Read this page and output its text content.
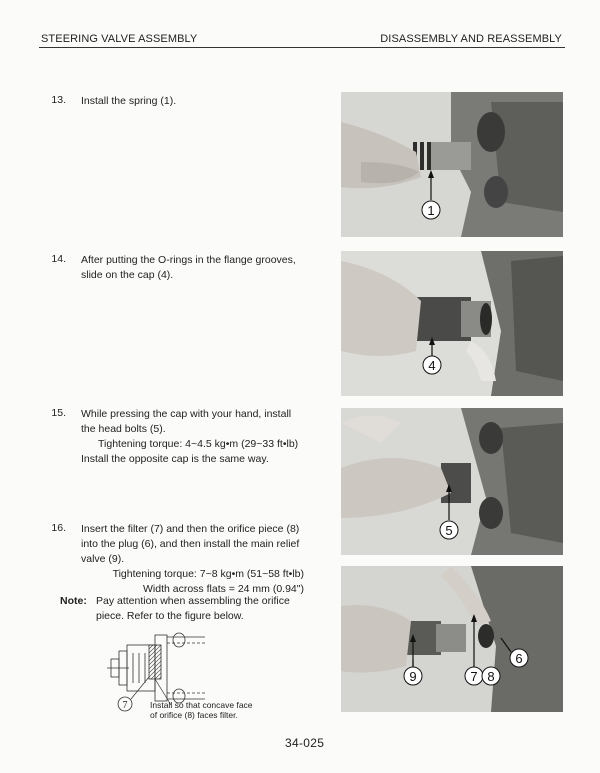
STEERING VALVE ASSEMBLY	DISASSEMBLY AND REASSEMBLY
13. Install the spring (1).
14. After putting the O-rings in the flange grooves,
slide on the cap (4).
15. While pressing the cap with your hand, install
the head bolts (5).
Tightening torque: 4~4.5 kg•m (29~33 ft•lb)
Install the opposite cap is the same way.
16. Insert the filter (7) and then the orifice piece (8)
into the plug (6), and then install the main relief
valve (9).
Tightening torque: 7~8 kg•m (51~58 ft•lb)
Width across flats = 24 mm (0.94")
Note: Pay attention when assembling the orifice
piece. Refer to the figure below.
7	Install so that concave face
of orifice (8) faces filter.
1
4
5
9	7 8
6
34-025
